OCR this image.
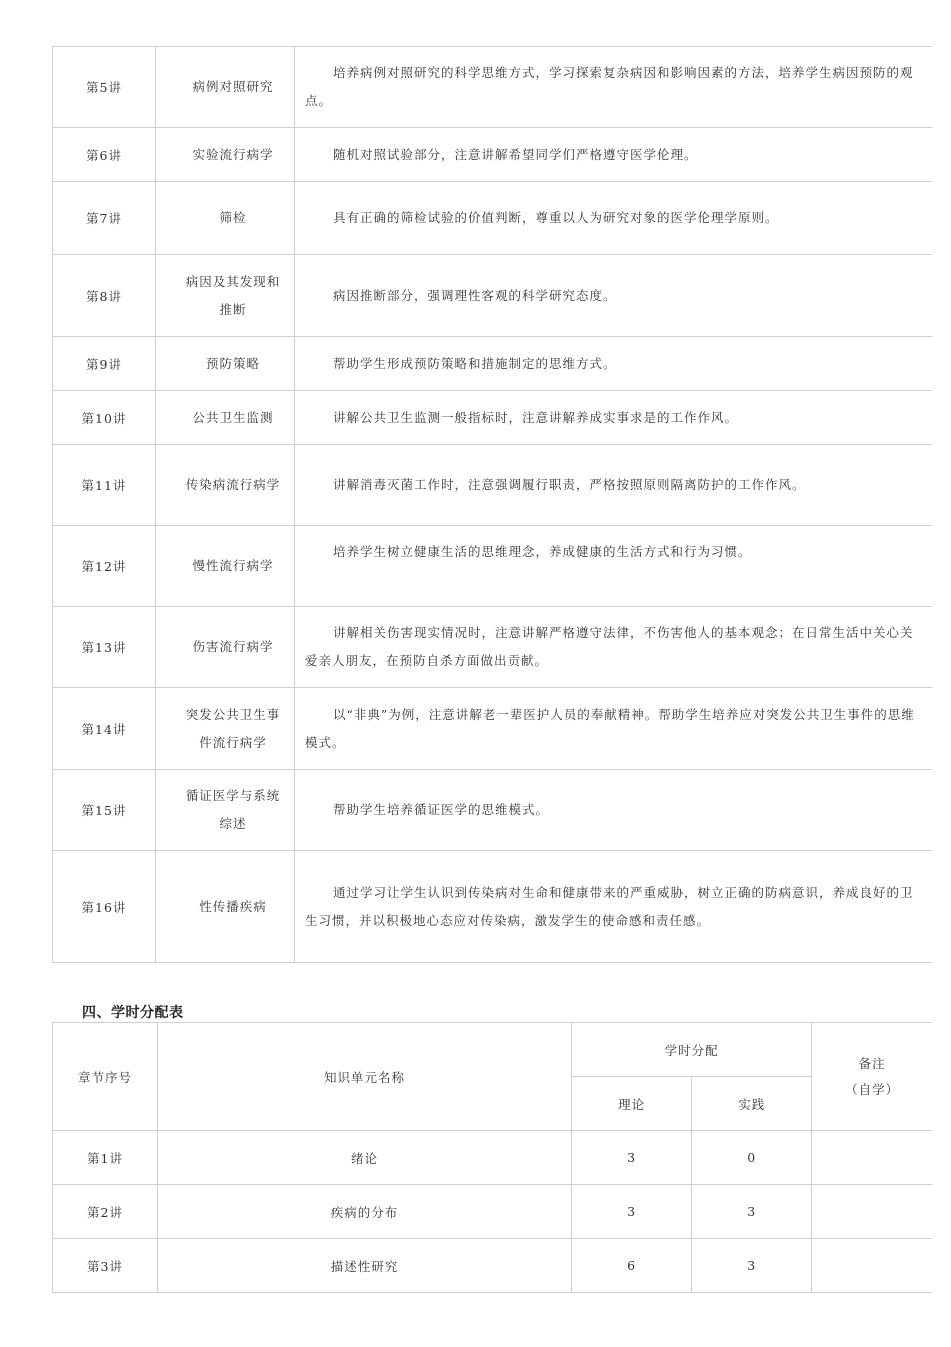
第5讲	病例对照研究	培养病例对照研究的科学思维方式，学习探索复杂病因和影响因素的方法，培养学生病因预防的观点。
第6讲	实验流行病学	随机对照试验部分，注意讲解希望同学们严格遵守医学伦理。
第7讲	筛检	具有正确的筛检试验的价值判断，尊重以人为研究对象的医学伦理学原则。
第8讲	病因及其发现和推断	病因推断部分，强调理性客观的科学研究态度。
第9讲	预防策略	帮助学生形成预防策略和措施制定的思维方式。
第10讲	公共卫生监测	讲解公共卫生监测一般指标时，注意讲解养成实事求是的工作作风。
第11讲	传染病流行病学	讲解消毒灭菌工作时，注意强调履行职责，严格按照原则隔离防护的工作作风。
第12讲	慢性流行病学	培养学生树立健康生活的思维理念，养成健康的生活方式和行为习惯。
第13讲	伤害流行病学	讲解相关伤害现实情况时，注意讲解严格遵守法律，不伤害他人的基本观念；在日常生活中关心关爱亲人朋友，在预防自杀方面做出贡献。
第14讲	突发公共卫生事件流行病学	以“非典”为例，注意讲解老一辈医护人员的奉献精神。帮助学生培养应对突发公共卫生事件的思维模式。
第15讲	循证医学与系统综述	帮助学生培养循证医学的思维模式。
第16讲	性传播疾病	通过学习让学生认识到传染病对生命和健康带来的严重威胁，树立正确的防病意识，养成良好的卫生习惯，并以积极地心态应对传染病，激发学生的使命感和责任感。
四、学时分配表
章节序号	知识单元名称	学时分配		备注
（自学）

		理论	实践	
第1讲	绪论	3	0	
第2讲	疾病的分布	3	3	
第3讲	描述性研究	6	3	
